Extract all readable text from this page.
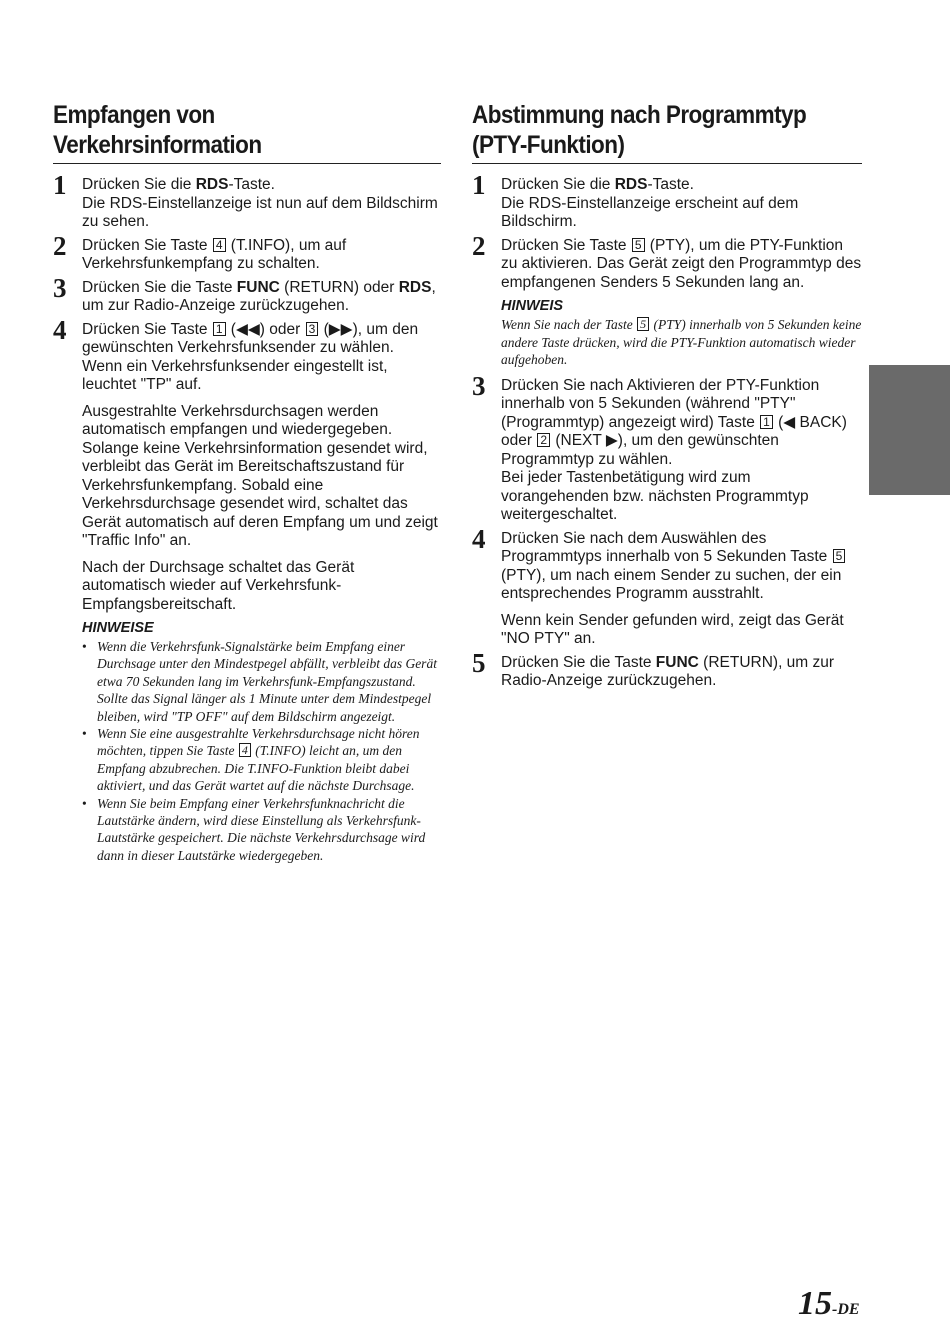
Empfangen von
Verkehrsinformation
1 Drücken Sie die RDS-Taste.

Die RDS-Einstellanzeige ist nun auf dem Bildschirm zu sehen.

2 Drücken Sie Taste 4 (T.INFO), um auf Verkehrsfunkempfang zu schalten.

3 Drücken Sie die Taste FUNC (RETURN) oder RDS, um zur Radio-Anzeige zurückzugehen.

4 Drücken Sie Taste 1 (◀◀) oder 3 (▶▶), um den gewünschten Verkehrsfunksender zu wählen.

Wenn ein Verkehrsfunksender eingestellt ist, leuchtet "TP" auf.

Ausgestrahlte Verkehrsdurchsagen werden automatisch empfangen und wiedergegeben. Solange keine Verkehrsinformation gesendet wird, verbleibt das Gerät im Bereitschaftszustand für Verkehrsfunkempfang. Sobald eine Verkehrsdurchsage gesendet wird, schaltet das Gerät automatisch auf deren Empfang um und zeigt "Traffic Info" an.

Nach der Durchsage schaltet das Gerät automatisch wieder auf Verkehrsfunk-Empfangsbereitschaft.

HINWEISE
• Wenn die Verkehrsfunk-Signalstärke beim Empfang einer Durchsage unter den Mindestpegel abfällt, verbleibt das Gerät etwa 70 Sekunden lang im Verkehrsfunk-Empfangszustand. Sollte das Signal länger als 1 Minute unter dem Mindestpegel bleiben, wird "TP OFF" auf dem Bildschirm angezeigt.
• Wenn Sie eine ausgestrahlte Verkehrsdurchsage nicht hören möchten, tippen Sie Taste 4 (T.INFO) leicht an, um den Empfang abzubrechen. Die T.INFO-Funktion bleibt dabei aktiviert, und das Gerät wartet auf die nächste Durchsage.
• Wenn Sie beim Empfang einer Verkehrsfunknachricht die Lautstärke ändern, wird diese Einstellung als Verkehrsfunk-Lautstärke gespeichert. Die nächste Verkehrsdurchsage wird dann in dieser Lautstärke wiedergegeben.
Abstimmung nach Programmtyp
(PTY-Funktion)
1 Drücken Sie die RDS-Taste.

Die RDS-Einstellanzeige erscheint auf dem Bildschirm.

2 Drücken Sie Taste 5 (PTY), um die PTY-Funktion zu aktivieren. Das Gerät zeigt den Programmtyp des empfangenen Senders 5 Sekunden lang an.

HINWEIS

Wenn Sie nach der Taste 5 (PTY) innerhalb von 5 Sekunden keine andere Taste drücken, wird die PTY-Funktion automatisch wieder aufgehoben.

3 Drücken Sie nach Aktivieren der PTY-Funktion innerhalb von 5 Sekunden (während "PTY" (Programmtyp) angezeigt wird) Taste 1 (◀ BACK) oder 2 (NEXT ▶), um den gewünschten Programmtyp zu wählen.

Bei jeder Tastenbetätigung wird zum vorangehenden bzw. nächsten Programmtyp weitergeschaltet.

4 Drücken Sie nach dem Auswählen des Programmtyps innerhalb von 5 Sekunden Taste 5 (PTY), um nach einem Sender zu suchen, der ein entsprechendes Programm ausstrahlt.

Wenn kein Sender gefunden wird, zeigt das Gerät "NO PTY" an.

5 Drücken Sie die Taste FUNC (RETURN), um zur Radio-Anzeige zurückzugehen.

15-DE
